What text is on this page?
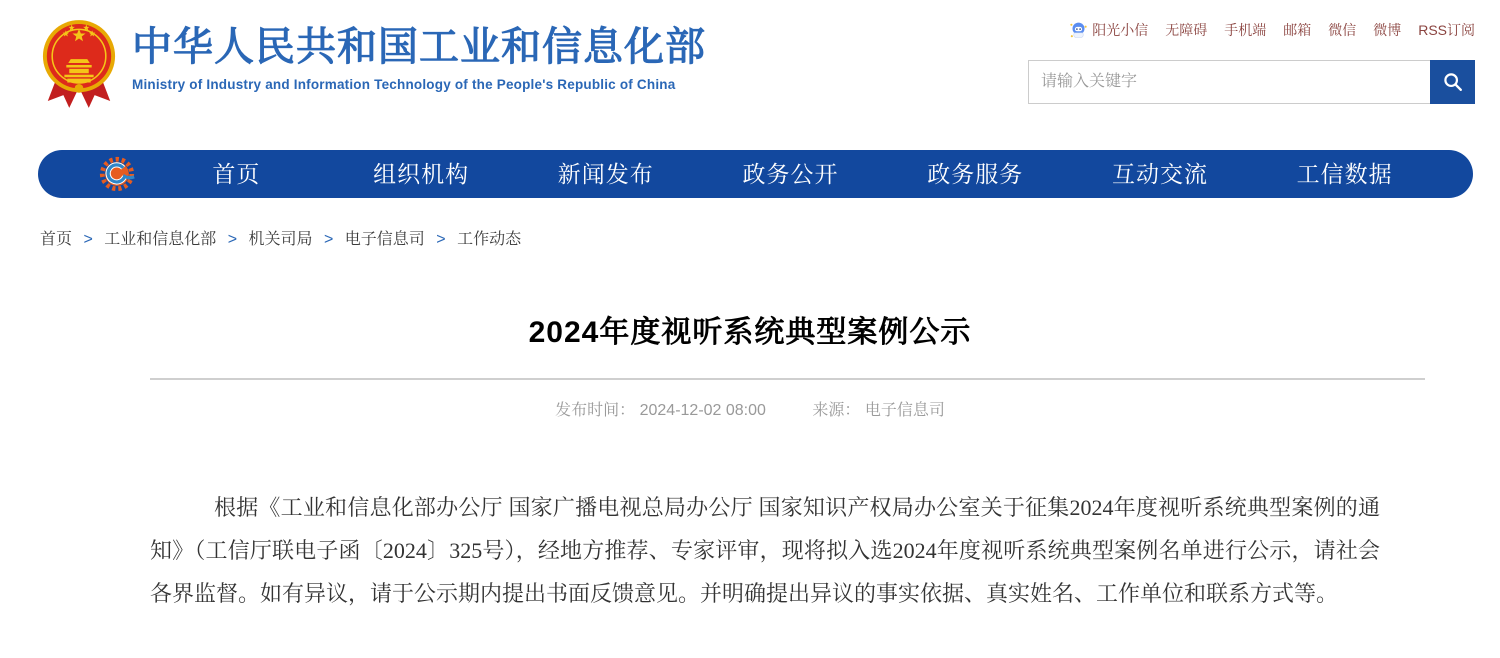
中华人民共和国工业和信息化部
Ministry of Industry and Information Technology of the People's Republic of China
阳光小信 无障碍 手机端 邮箱 微信 微博 RSS订阅
请输入关键字
首页	组织机构	新闻发布	政务公开	政务服务	互动交流	工信数据
首页 > 工业和信息化部 > 机关司局 > 电子信息司 > 工作动态
2024年度视听系统典型案例公示
发布时间： 2024-12-02 08:00	来源： 电子信息司

根据《工业和信息化部办公厅 国家广播电视总局办公厅 国家知识产权局办公室关于征集2024年度视听系统典型案例的通知》（工信厅联电子函〔2024〕325号），经地方推荐、专家评审，现将拟入选2024年度视听系统典型案例名单进行公示，请社会各界监督。如有异议，请于公示期内提出书面反馈意见。并明确提出异议的事实依据、真实姓名、工作单位和联系方式等。
